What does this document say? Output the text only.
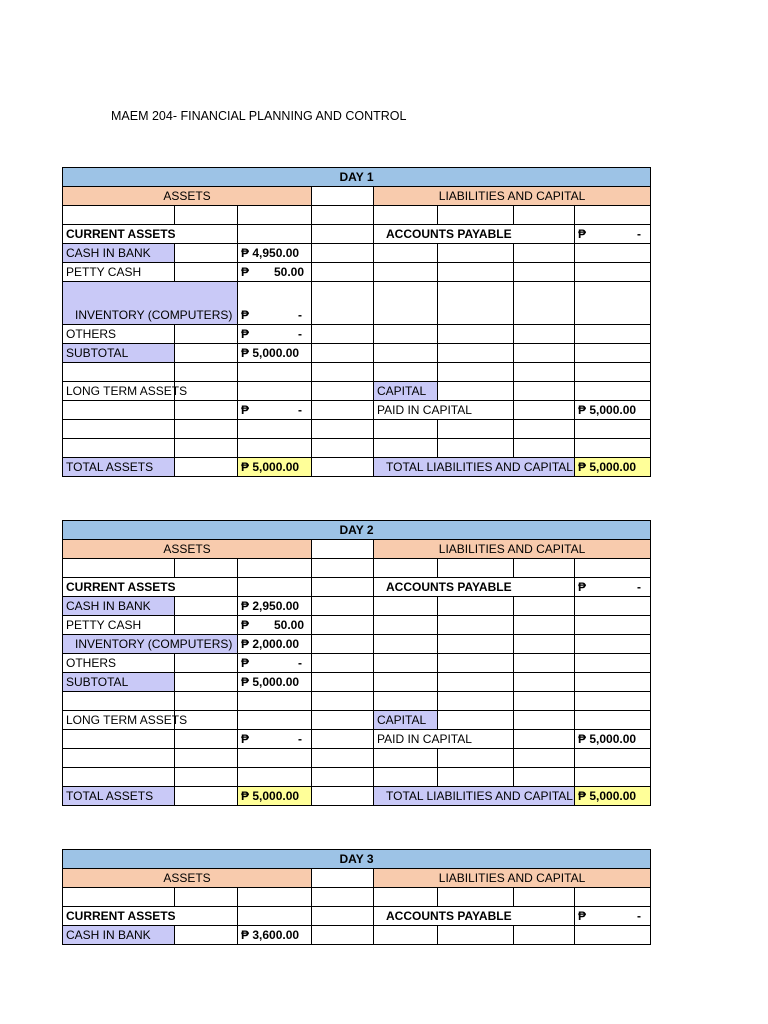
MAEM 204- FINANCIAL PLANNING AND CONTROL
DAY 1							
ASSETS				LIABILITIES AND CAPITAL			

CURRENT ASSETS				ACCOUNTS PAYABLE			₱ -

CASH IN BANK		₱ 4,950.00					
PETTY CASH		₱ 50.00					

INVENTORY (COMPUTERS)		₱ -					

OTHERS		₱ -					

SUBTOTAL		₱ 5,000.00					

LONG TERM ASSETS				CAPITAL			

		₱ -		PAID IN CAPITAL			₱ 5,000.00

TOTAL ASSETS		₱ 5,000.00		TOTAL LIABILITIES AND CAPITAL			₱ 5,000.00
DAY 2							
ASSETS				LIABILITIES AND CAPITAL			

CURRENT ASSETS				ACCOUNTS PAYABLE			₱ -

CASH IN BANK		₱ 2,950.00					
PETTY CASH		₱ 50.00					

INVENTORY (COMPUTERS)		₱ 2,000.00					
OTHERS		₱ -					

SUBTOTAL		₱ 5,000.00					

LONG TERM ASSETS				CAPITAL			

		₱ -		PAID IN CAPITAL			₱ 5,000.00

TOTAL ASSETS		₱ 5,000.00		TOTAL LIABILITIES AND CAPITAL			₱ 5,000.00
DAY 3							
ASSETS				LIABILITIES AND CAPITAL			

CURRENT ASSETS				ACCOUNTS PAYABLE			₱ -

CASH IN BANK		₱ 3,600.00					
